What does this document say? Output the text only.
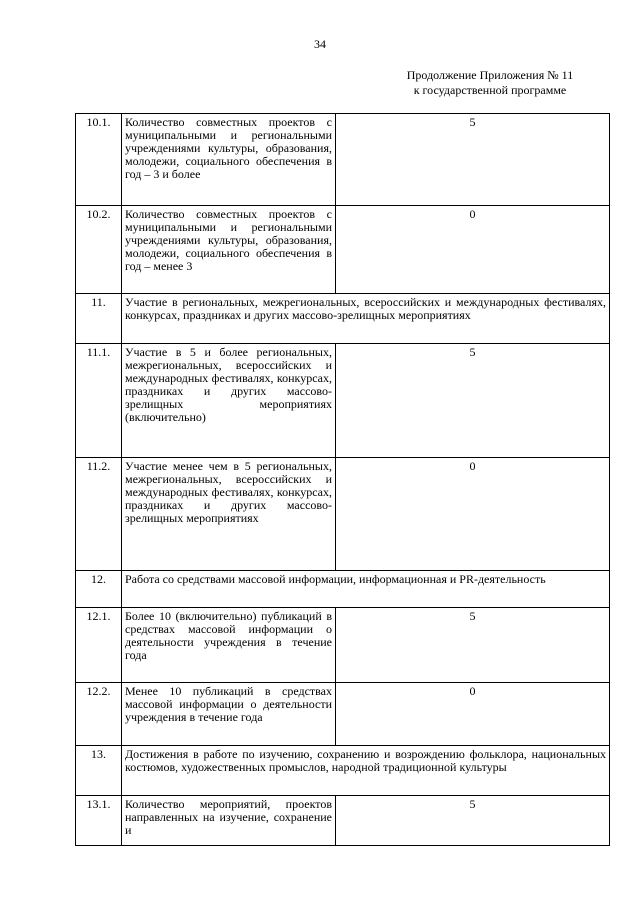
34
Продолжение Приложения № 11
к государственной программе
10.1.	Количество совместных проектов с муниципальными и региональными учреждениями культуры, образования, молодежи, социального обеспечения в год – 3 и более	5
10.2.	Количество совместных проектов с муниципальными и региональными учреждениями культуры, образования, молодежи, социального обеспечения в год – менее 3	0
11.	Участие в региональных, межрегиональных, всероссийских и международных фестивалях, конкурсах, праздниках и других массово-зрелищных мероприятиях	
11.1.	Участие в 5 и более региональных, межрегиональных, всероссийских и международных фестивалях, конкурсах, праздниках и других массово-зрелищных мероприятиях (включительно)	5
11.2.	Участие менее чем в 5 региональных, межрегиональных, всероссийских и международных фестивалях, конкурсах, праздниках и других массово-зрелищных мероприятиях	0
12.	Работа со средствами массовой информации, информационная и PR-деятельность	
12.1.	Более 10 (включительно) публикаций в средствах массовой информации о деятельности учреждения в течение года	5
12.2.	Менее 10 публикаций в средствах массовой информации о деятельности учреждения в течение года	0
13.	Достижения в работе по изучению, сохранению и возрождению фольклора, национальных костюмов, художественных промыслов, народной традиционной культуры	
13.1.	Количество мероприятий, проектов направленных на изучение, сохранение и	5
